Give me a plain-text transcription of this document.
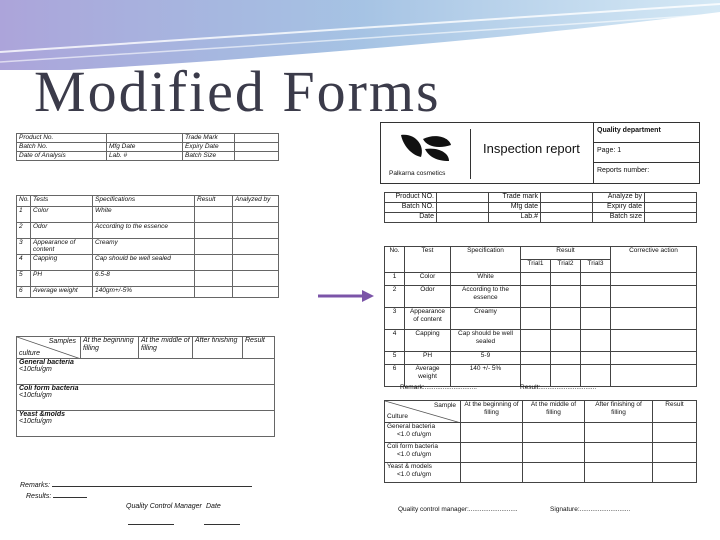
Modified Forms
Product No.		Trade Mark	
Batch No.	Mfg Date	Expiry Date	
Date of Analysis	Lab. #	Batch Size	
No.	Tests	Specifications	Result	Analyzed by
1	Color	White		
2	Odor	According to the essence		
3	Appearance of content	Creamy		
4	Capping	Cap should be well sealed		
5	PH	6.5-8		
6	Average weight	140gm+/-5%		
Samples
culture
	At the beginning filling	At the middle of filling	After finishing	Result

General bacteria
<10cfu/gm

Coli form bacteria
<10cfu/gm

Yeast &molds
<10cfu/gm
Remarks:
Results:
Quality Control Manager Date
Palkarna cosmetics
Inspection report
Quality department
Page: 1
Reports number:
Product NO.		Trade mark		Analyze by	
Batch NO.		Mfg date		Expiry date	
Date		Lab.#		Batch size	
No.	Test	Specification	Result			Corrective action
			Trial1	Trial2	Trial3	
1	Color	White				
2	Odor	According to the essence				
3	Appearance of content	Creamy				
4	Capping	Cap should be well sealed				
5	PH	5-9				
6	Average weight	140 +/- 5%				
Remark:.............................	Result:...............................
Sample
Culture	At the beginning of filling	At the middle of filling	After finishing of filling	Result

General bacteria
<1.0 cfu/gm				

Coli form bacteria
<1.0 cfu/gm				

Yeast & models
<1.0 cfu/gm				

Quality control manager:...........................	Signature:............................
